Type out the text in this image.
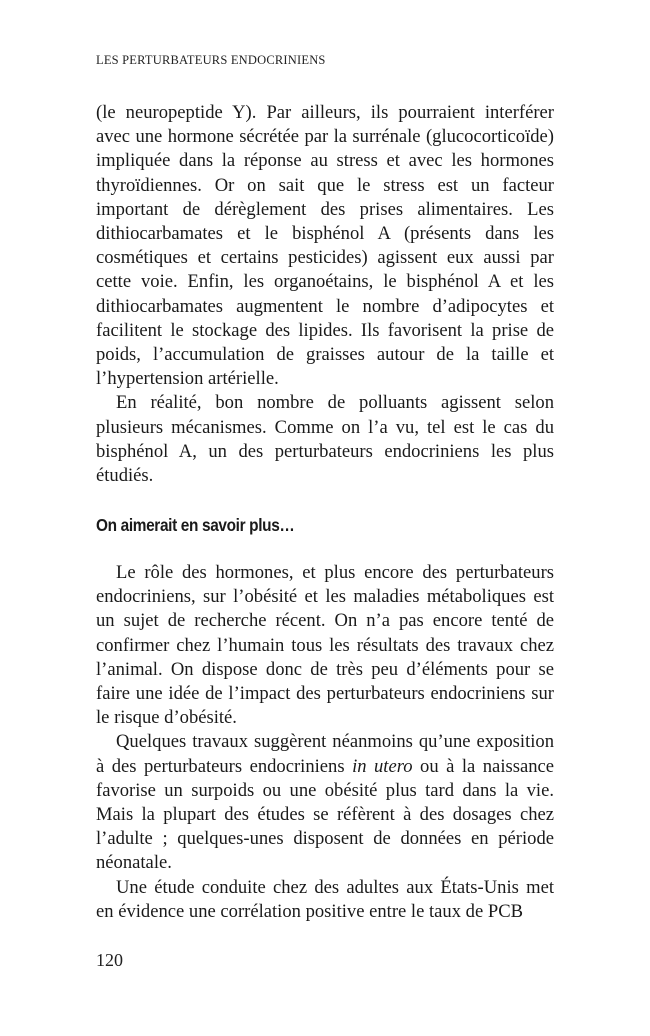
LES PERTURBATEURS ENDOCRINIENS

(le neuropeptide Y). Par ailleurs, ils pourraient interférer avec une hormone sécrétée par la surrénale (glucocorticoïde) impliquée dans la réponse au stress et avec les hormones thyroïdiennes. Or on sait que le stress est un facteur important de dérèglement des prises alimentaires. Les dithiocarbamates et le bisphénol A (présents dans les cosmétiques et certains pesticides) agissent eux aussi par cette voie. Enfin, les organoétains, le bisphénol A et les dithiocarbamates augmentent le nombre d’adipocytes et facilitent le stockage des lipides. Ils favorisent la prise de poids, l’accumulation de graisses autour de la taille et l’hypertension artérielle.

En réalité, bon nombre de polluants agissent selon plusieurs mécanismes. Comme on l’a vu, tel est le cas du bisphénol A, un des perturbateurs endocriniens les plus étudiés.

On aimerait en savoir plus…

Le rôle des hormones, et plus encore des perturbateurs endocriniens, sur l’obésité et les maladies métaboliques est un sujet de recherche récent. On n’a pas encore tenté de confirmer chez l’humain tous les résultats des travaux chez l’animal. On dispose donc de très peu d’éléments pour se faire une idée de l’impact des perturbateurs endocriniens sur le risque d’obésité.

Quelques travaux suggèrent néanmoins qu’une exposition à des perturbateurs endocriniens in utero ou à la naissance favorise un surpoids ou une obésité plus tard dans la vie. Mais la plupart des études se réfèrent à des dosages chez l’adulte ; quelques-unes disposent de données en période néonatale.

Une étude conduite chez des adultes aux États-Unis met en évidence une corrélation positive entre le taux de PCB

120
